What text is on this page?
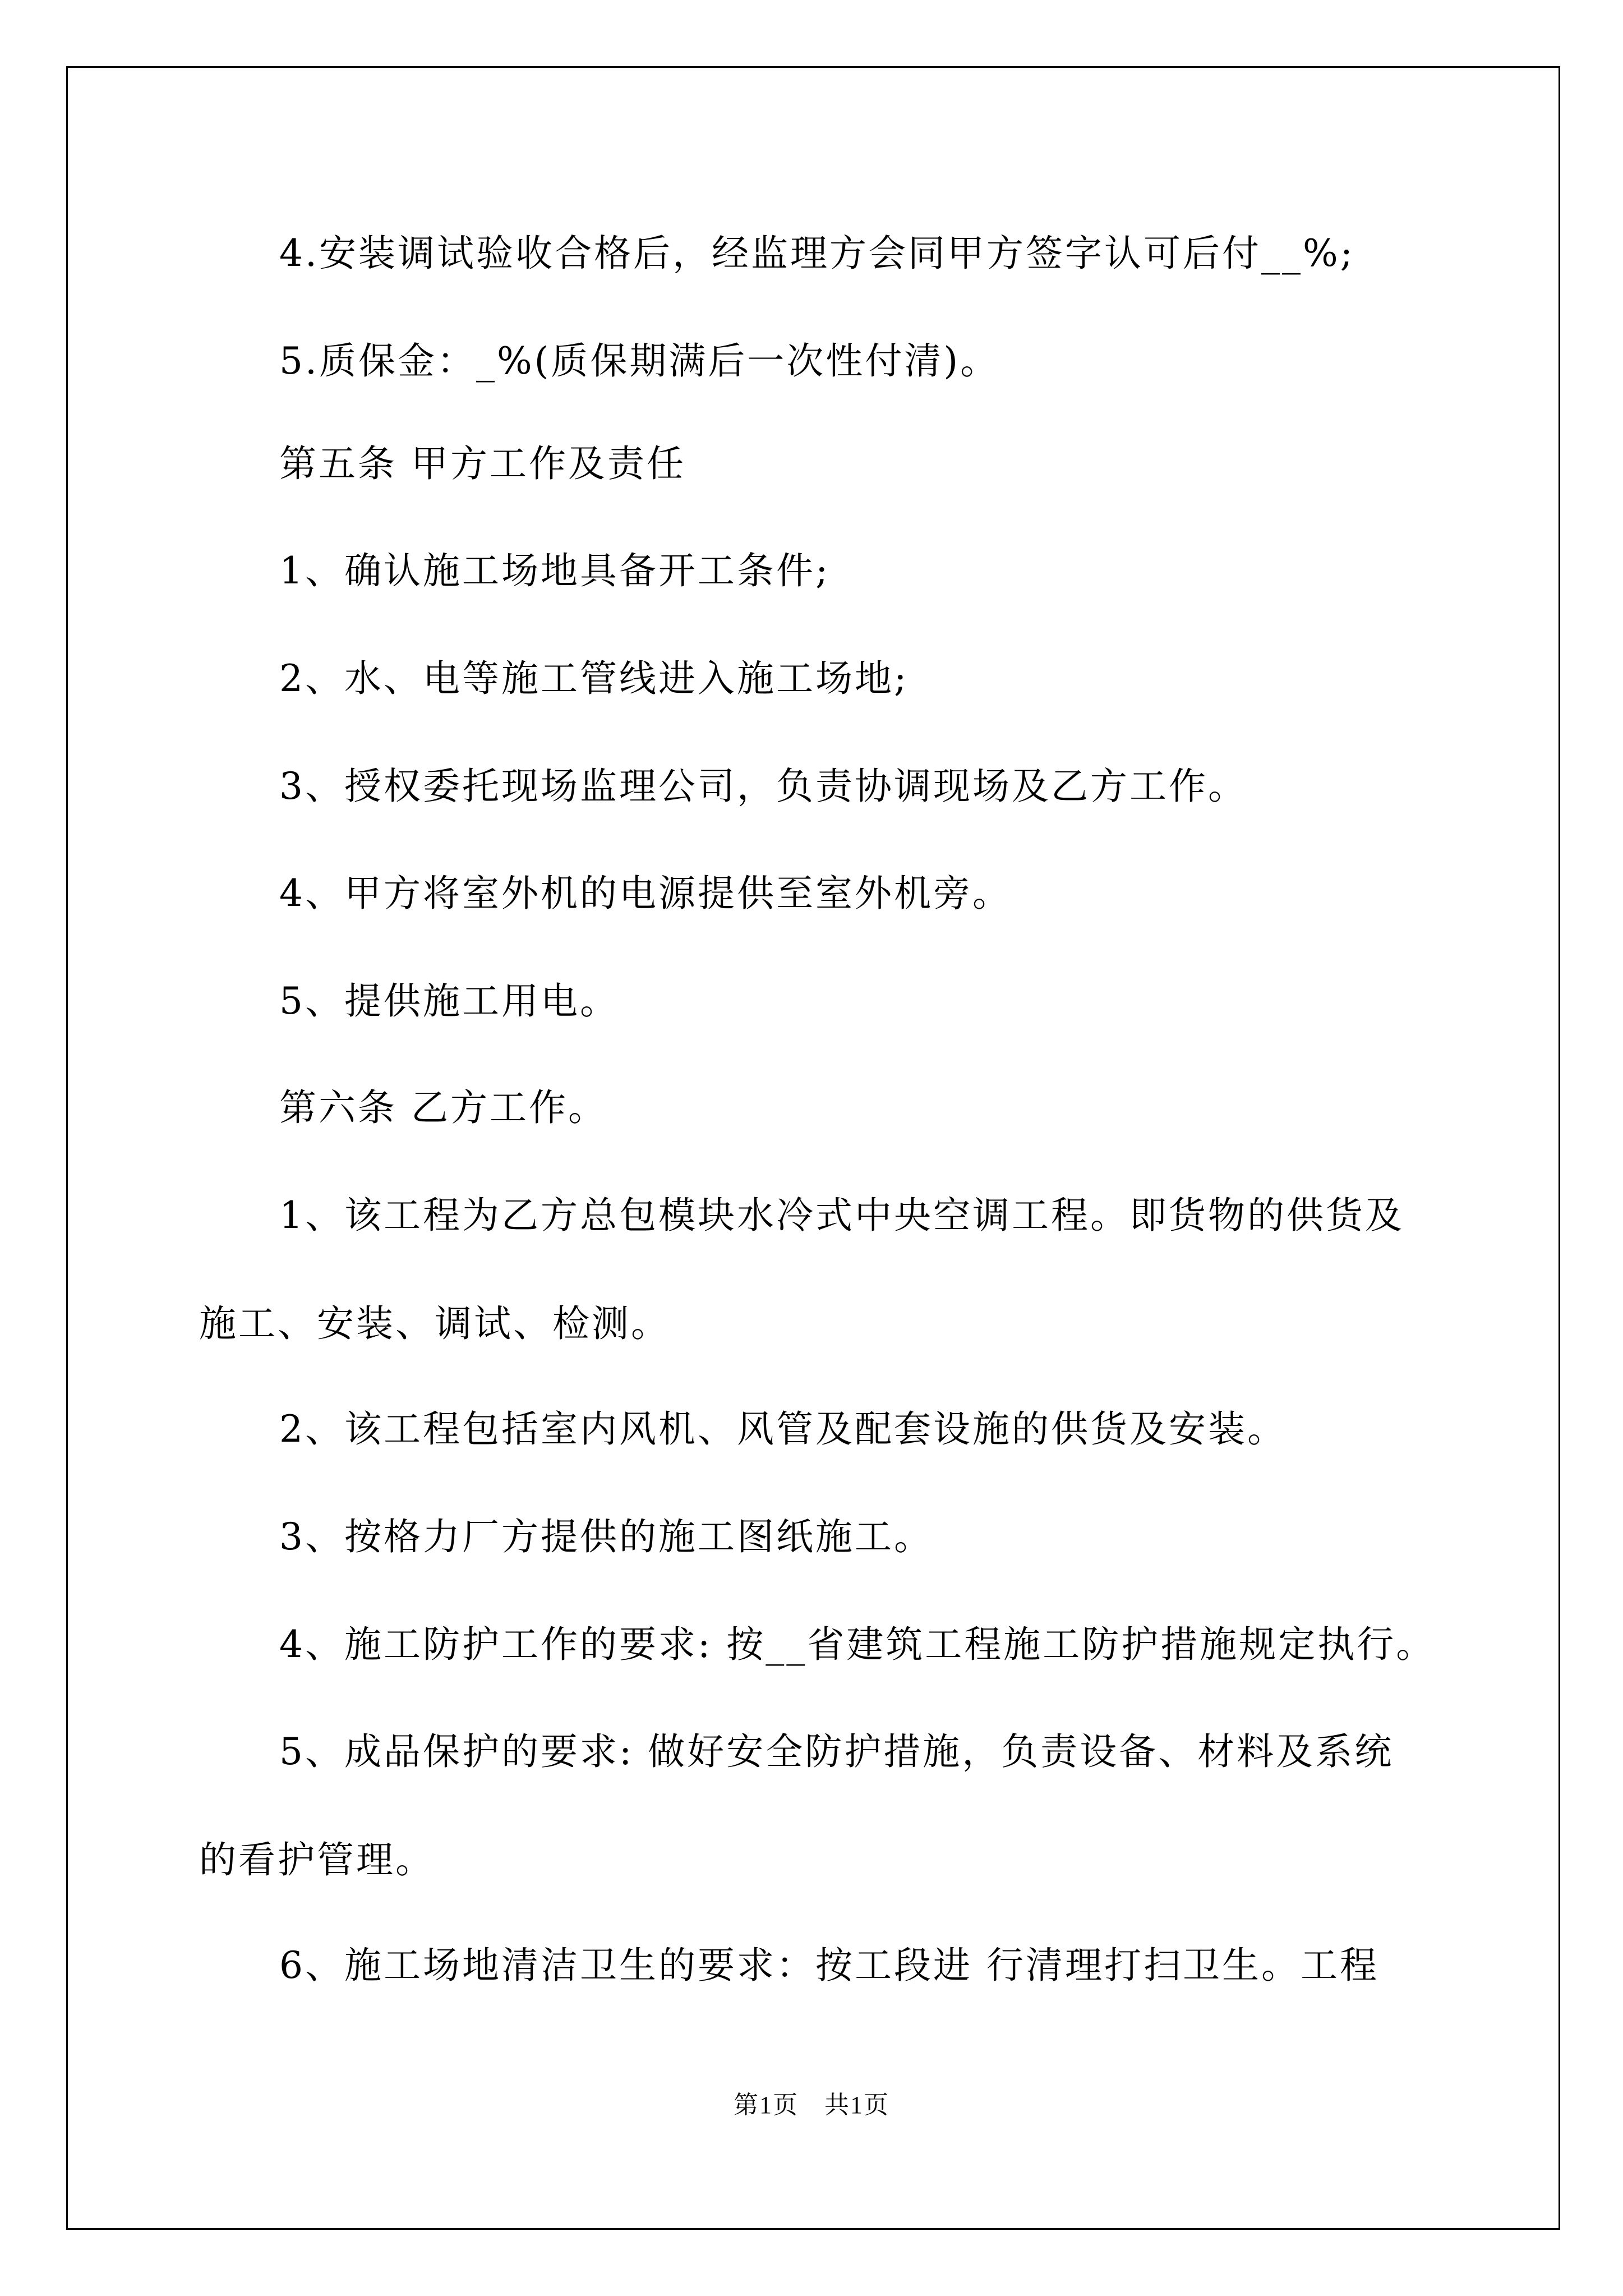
4.安装调试验收合格后，经监理方会同甲方签字认可后付__%;
5.质保金：_%(质保期满后一次性付清)。
第五条 甲方工作及责任
1、确认施工场地具备开工条件;
2、水、电等施工管线进入施工场地;
3、授权委托现场监理公司，负责协调现场及乙方工作。
4、甲方将室外机的电源提供至室外机旁。
5、提供施工用电。
第六条 乙方工作。
1、该工程为乙方总包模块水冷式中央空调工程。即货物的供货及
施工、安装、调试、检测。
2、该工程包括室内风机、风管及配套设施的供货及安装。
3、按格力厂方提供的施工图纸施工。
4、施工防护工作的要求: 按__省建筑工程施工防护措施规定执行。
5、成品保护的要求: 做好安全防护措施，负责设备、材料及系统
的看护管理。
6、施工场地清洁卫生的要求：按工段进 行清理打扫卫生。工程
第1页　共1页
